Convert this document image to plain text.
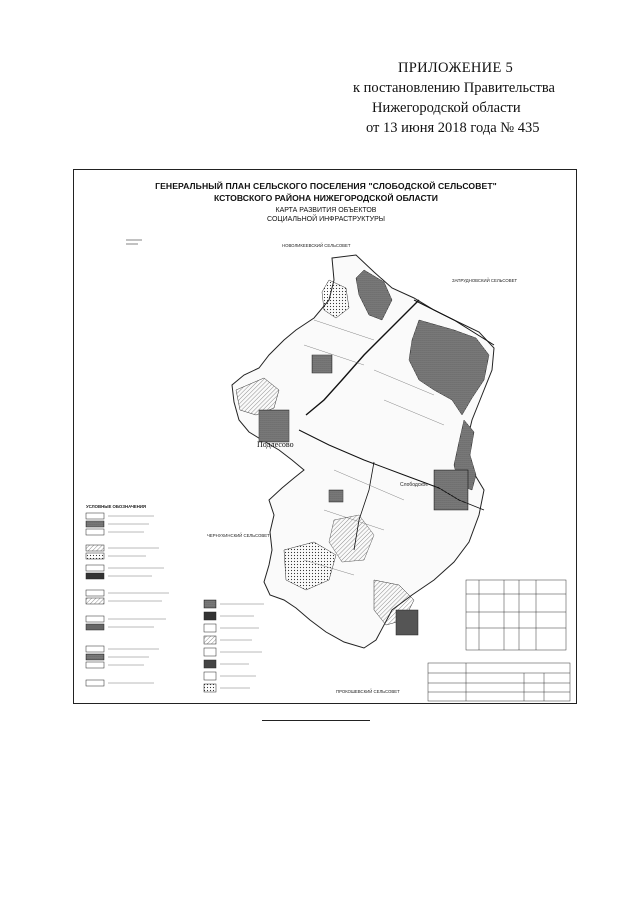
ПРИЛОЖЕНИЕ 5
к постановлению Правительства
Нижегородской области
от 13 июня 2018 года № 435
ГЕНЕРАЛЬНЫЙ ПЛАН СЕЛЬСКОГО ПОСЕЛЕНИЯ "СЛОБОДСКОЙ СЕЛЬСОВЕТ"
КСТОВСКОГО РАЙОНА НИЖЕГОРОДСКОЙ ОБЛАСТИ
КАРТА РАЗВИТИЯ ОБЪЕКТОВ
СОЦИАЛЬНОЙ ИНФРАСТРУКТУРЫ
НОВОЛИКЕЕВСКИЙ СЕЛЬСОВЕТ
ЗАПРУДНОВСКИЙ СЕЛЬСОВЕТ
ЧЕРНУХИНСКИЙ СЕЛЬСОВЕТ
ПРОКОШЕВСКИЙ СЕЛЬСОВЕТ
УСЛОВНЫЕ ОБОЗНАЧЕНИЯ
Подлесово
Слободское
